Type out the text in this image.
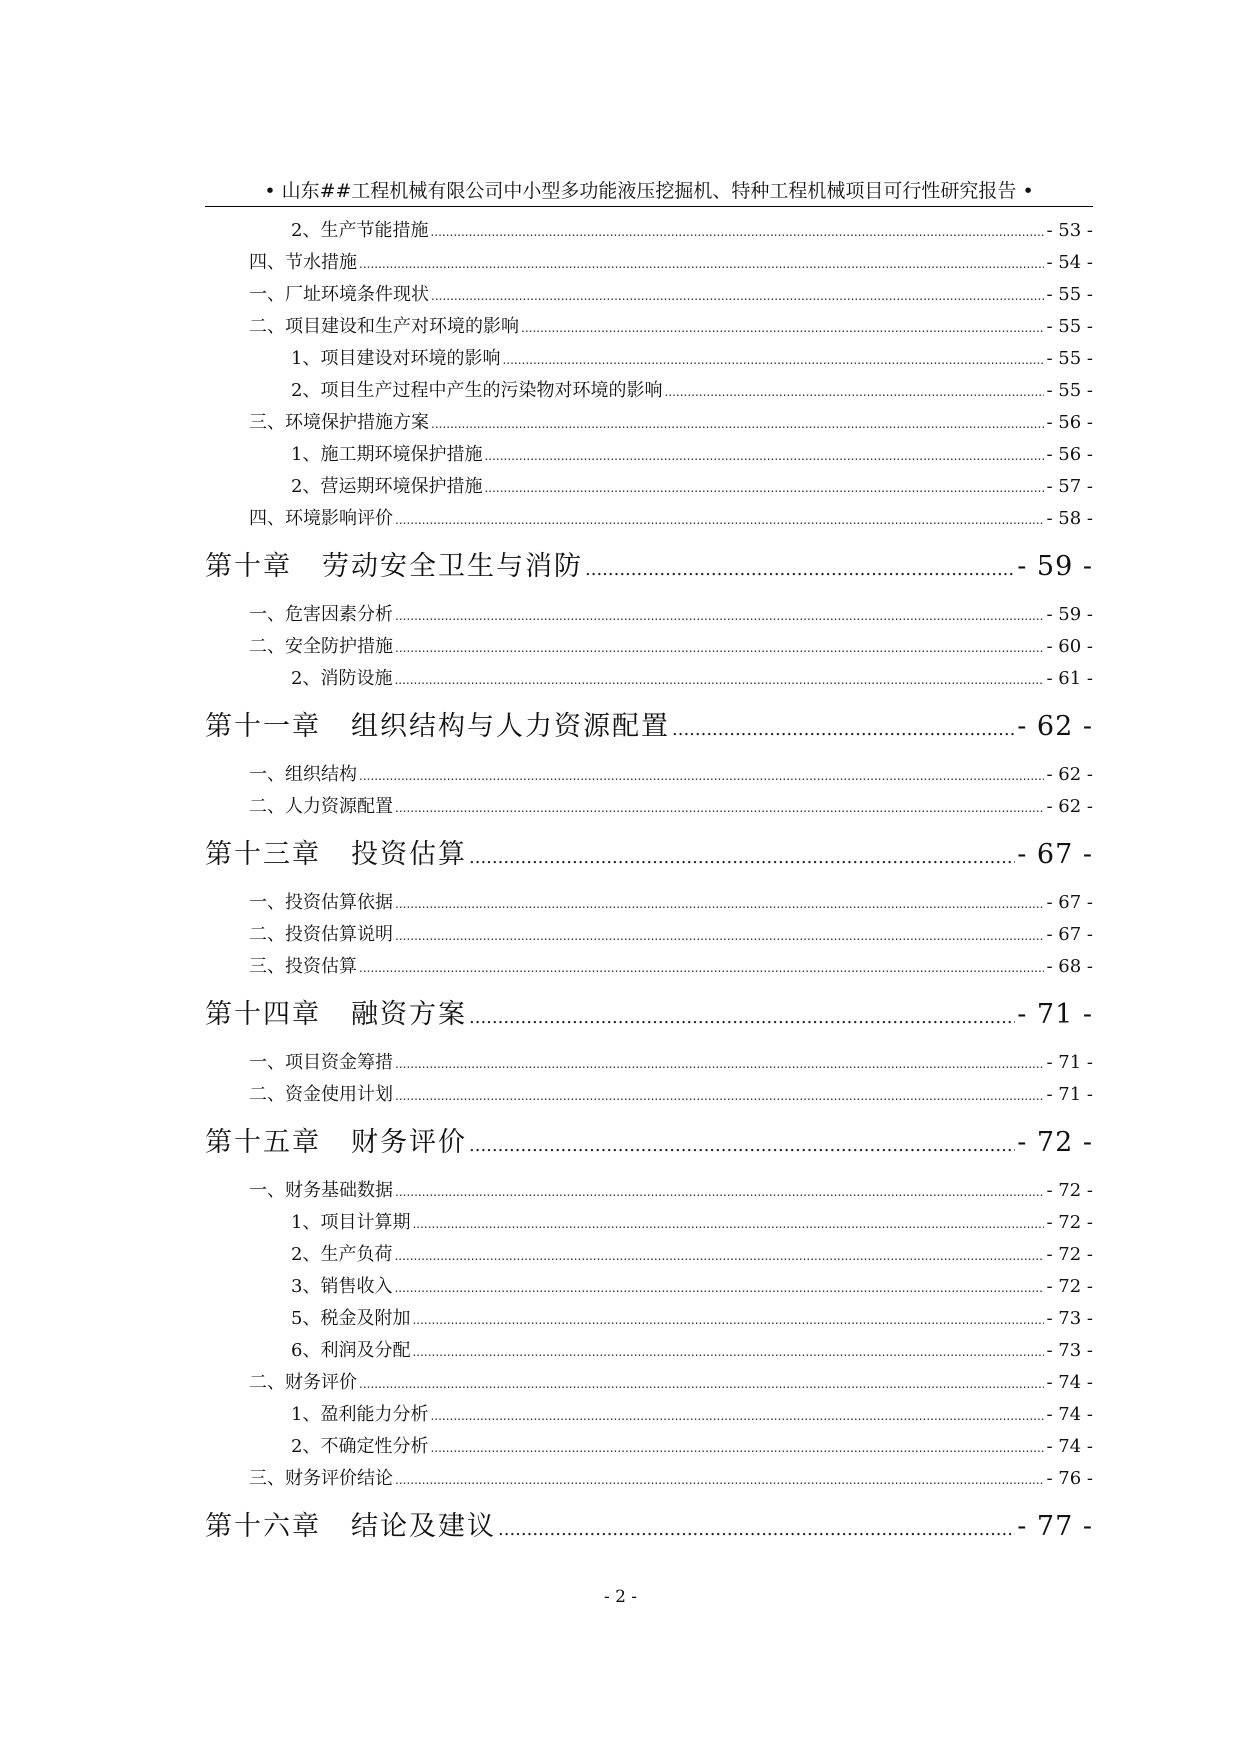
• 山东##工程机械有限公司中小型多功能液压挖掘机、特种工程机械项目可行性研究报告 •
2、生产节能措施 .....	- 53 -
四、节水措施 .....	- 54 -
一、厂址环境条件现状 .....	- 55 -
二、项目建设和生产对环境的影响 .....	- 55 -
1、项目建设对环境的影响 .....	- 55 -
2、项目生产过程中产生的污染物对环境的影响 .....	- 55 -
三、环境保护措施方案 .....	- 56 -
1、施工期环境保护措施 .....	- 56 -
2、营运期环境保护措施 .....	- 57 -
四、环境影响评价 .....	- 58 -
第十章 劳动安全卫生与消防 .....	- 59 -
一、危害因素分析 .....	- 59 -
二、安全防护措施 .....	- 60 -
2、消防设施 .....	- 61 -
第十一章 组织结构与人力资源配置 .....	- 62 -
一、组织结构 .....	- 62 -
二、人力资源配置 .....	- 62 -
第十三章 投资估算 .....	- 67 -
一、投资估算依据 .....	- 67 -
二、投资估算说明 .....	- 67 -
三、投资估算 .....	- 68 -
第十四章 融资方案 .....	- 71 -
一、项目资金筹措 .....	- 71 -
二、资金使用计划 .....	- 71 -
第十五章 财务评价 .....	- 72 -
一、财务基础数据 .....	- 72 -
1、项目计算期 .....	- 72 -
2、生产负荷 .....	- 72 -
3、销售收入 .....	- 72 -
5、税金及附加 .....	- 73 -
6、利润及分配 .....	- 73 -
二、财务评价 .....	- 74 -
1、盈利能力分析 .....	- 74 -
2、不确定性分析 .....	- 74 -
三、财务评价结论 .....	- 76 -
第十六章 结论及建议 .....	- 77 -
- 2 -
